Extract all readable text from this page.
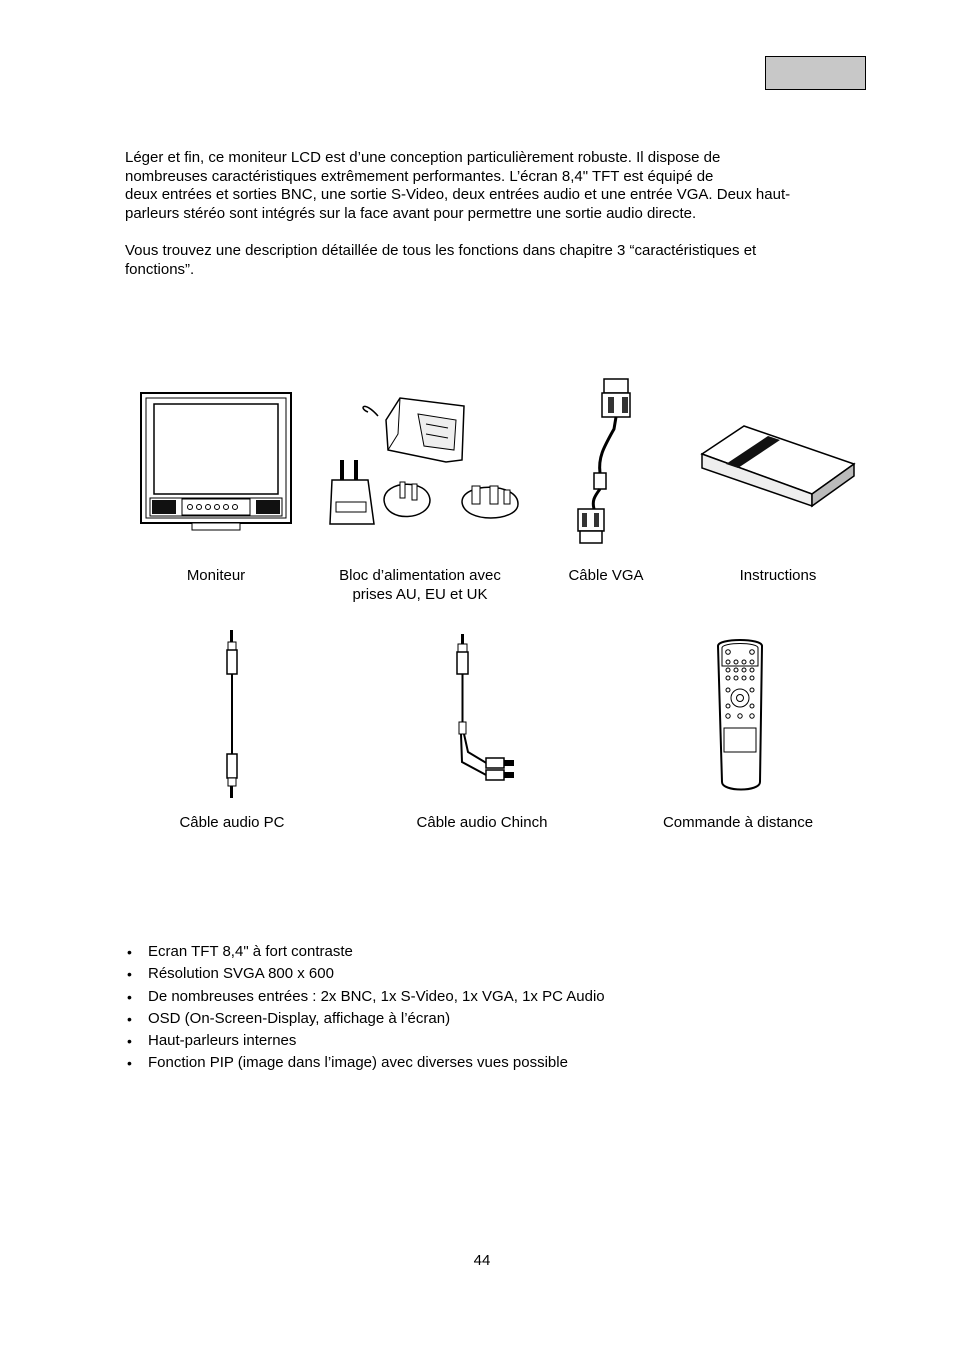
Léger et fin, ce moniteur LCD est d’une conception particulièrement robuste. Il dispose de
nombreuses caractéristiques extrêmement performantes. L’écran 8,4" TFT est équipé de
deux entrées et sorties BNC, une sortie S-Video, deux entrées audio et une entrée VGA. Deux haut-
parleurs stéréo sont intégrés sur la face avant pour permettre une sortie audio directe.

Vous trouvez une description détaillée de tous les fonctions dans chapitre 3 “caractéristiques et
fonctions”.

Moniteur	Bloc d’alimentation avec
prises AU, EU et UK
Câble VGA	Instructions
Câble audio PC	Câble audio Chinch	Commande à distance
• Ecran TFT 8,4" à fort contraste
• Résolution SVGA 800 x 600
• De nombreuses entrées : 2x BNC, 1x S-Video, 1x VGA, 1x PC Audio
• OSD (On-Screen-Display, affichage à l’écran)
• Haut-parleurs internes
• Fonction PIP (image dans l’image) avec diverses vues possible
44
